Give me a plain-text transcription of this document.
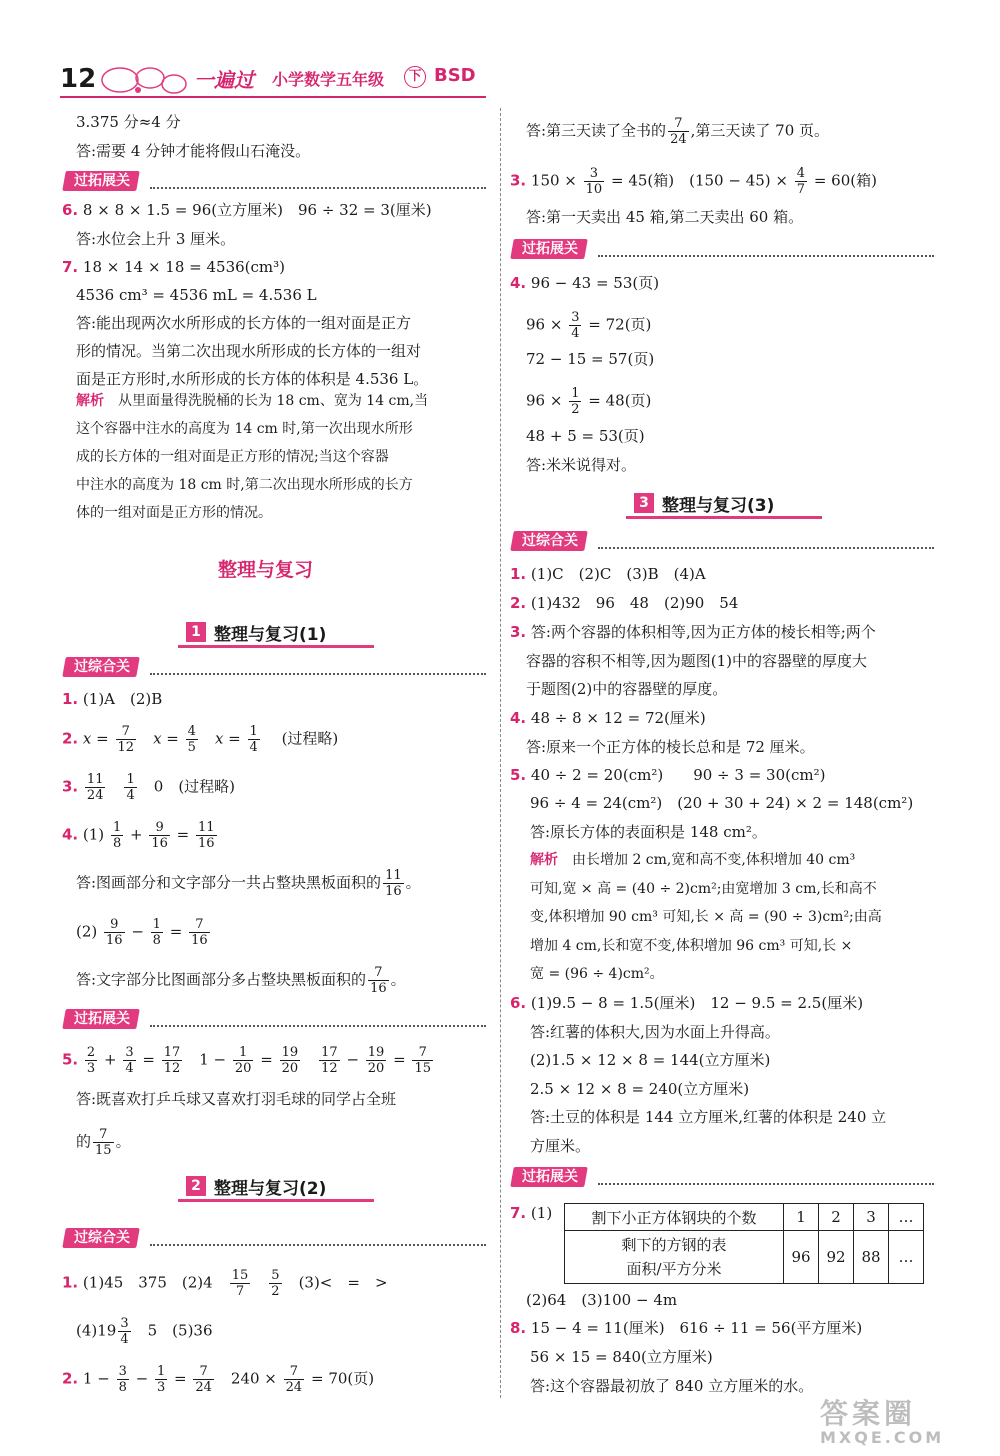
12	一遍过 小学数学五年级	下 BSD
3.375 分≈4 分
答:需要 4 分钟才能将假山石淹没。
过拓展关
6. 8 × 8 × 1.5 = 96(立方厘米)　96 ÷ 32 = 3(厘米)
答:水位会上升 3 厘米。
7. 18 × 14 × 18 = 4536(cm³)
4536 cm³ = 4536 mL = 4.536 L
答:能出现两次水所形成的长方体的一组对面是正方
形的情况。当第二次出现水所形成的长方体的一组对
面是正方形时,水所形成的长方体的体积是 4.536 L。
解析　 从里面量得洗脱桶的长为 18 cm、宽为 14 cm,当
这个容器中注水的高度为 14 cm 时,第一次出现水所形
成的长方体的一组对面是正方形的情况;当这个容器
中注水的高度为 18 cm 时,第二次出现水所形成的长方
体的一组对面是正方形的情况。
整理与复习
1 整理与复习(1)
过综合关
1. (1)A　(2)B
2. $x = \frac{7}{12}$
　 $x = \frac{4}{5}$
　 $x = \frac{1}{4}$
　 (过程略)
3. $\frac{11}{24}$
　 $\frac{1}{4}$
　 0　(过程略)
4. $(1) \frac{1}{8} + \frac{9}{16} = \frac{11}{16}$
答:图画部分和文字部分一共占整块黑板面积的 $\frac{11}{16}$ 。
$(2) \frac{9}{16} - \frac{1}{8} = \frac{7}{16}$
答:文字部分比图画部分多占整块黑板面积的 $\frac{7}{16}$ 。
过拓展关
5. $\frac{2}{3} + \frac{3}{4} = \frac{17}{12}$ 　$1 - \frac{1}{20} = \frac{19}{20}$
　 $\frac{17}{12} - \frac{19}{20} = \frac{7}{15}$
答:既喜欢打乒乓球又喜欢打羽毛球的同学占全班
的 $\frac{7}{15}$ 。
2 整理与复习(2)
过综合关
1. (1)45　375　(2)4　 $\frac{15}{7}$
　 $\frac{5}{2}$
　 (3)<　=　>
$(4)19 \frac{3}{4}$
　 5　(5)36
2. $1 - \frac{3}{8} - \frac{1}{3} = \frac{7}{24}$
　 $240 \times \frac{7}{24} = 70$(页)
答:第三天读了全书的 $\frac{7}{24}$ ,第三天读了 70 页。
3. $150 \times \frac{3}{10} = 45$(箱)　$(150 - 45) \times \frac{4}{7} = 60$(箱)
答:第一天卖出 45 箱,第二天卖出 60 箱。
过拓展关
4. 96 − 43 = 53(页)
$96 \times \frac{3}{4} = 72$(页)
72 − 15 = 57(页)
$96 \times \frac{1}{2} = 48$(页)
48 + 5 = 53(页)
答:米米说得对。
3 整理与复习(3)
过综合关
1. (1)C　(2)C　(3)B　(4)A
2. (1)432　96　48　(2)90　54
3. 答:两个容器的体积相等,因为正方体的棱长相等;两个
容器的容积不相等,因为题图(1)中的容器壁的厚度大
于题图(2)中的容器壁的厚度。
4. 48 ÷ 8 × 12 = 72(厘米)
答:原来一个正方体的棱长总和是 72 厘米。
5. 40 ÷ 2 = 20(cm²)　　90 ÷ 3 = 30(cm²)
96 ÷ 4 = 24(cm²)　(20 + 30 + 24) × 2 = 148(cm²)
答:原长方体的表面积是 148 cm²。
解析　 由长增加 2 cm,宽和高不变,体积增加 40 cm³
可知,宽 × 高 = (40 ÷ 2)cm²;由宽增加 3 cm,长和高不
变,体积增加 90 cm³ 可知,长 × 高 = (90 ÷ 3)cm²;由高
增加 4 cm,长和宽不变,体积增加 96 cm³ 可知,长 ×
宽 = (96 ÷ 4)cm²。
6. (1)9.5 − 8 = 1.5(厘米)　12 − 9.5 = 2.5(厘米)
答:红薯的体积大,因为水面上升得高。
(2)1.5 × 12 × 8 = 144(立方厘米)
2.5 × 12 × 8 = 240(立方厘米)
答:土豆的体积是 144 立方厘米,红薯的体积是 240 立
方厘米。
过拓展关
7. (1)	割下小正方体钢块的个数	1	2	3	…
剩下的方钢的表
面积/平方分米	96	92	88	…
(2)64　(3)100 − 4m
8. 15 − 4 = 11(厘米)　616 ÷ 11 = 56(平方厘米)
56 × 15 = 840(立方厘米)
答:这个容器最初放了 840 立方厘米的水。
答案圈
MXQE.COM
